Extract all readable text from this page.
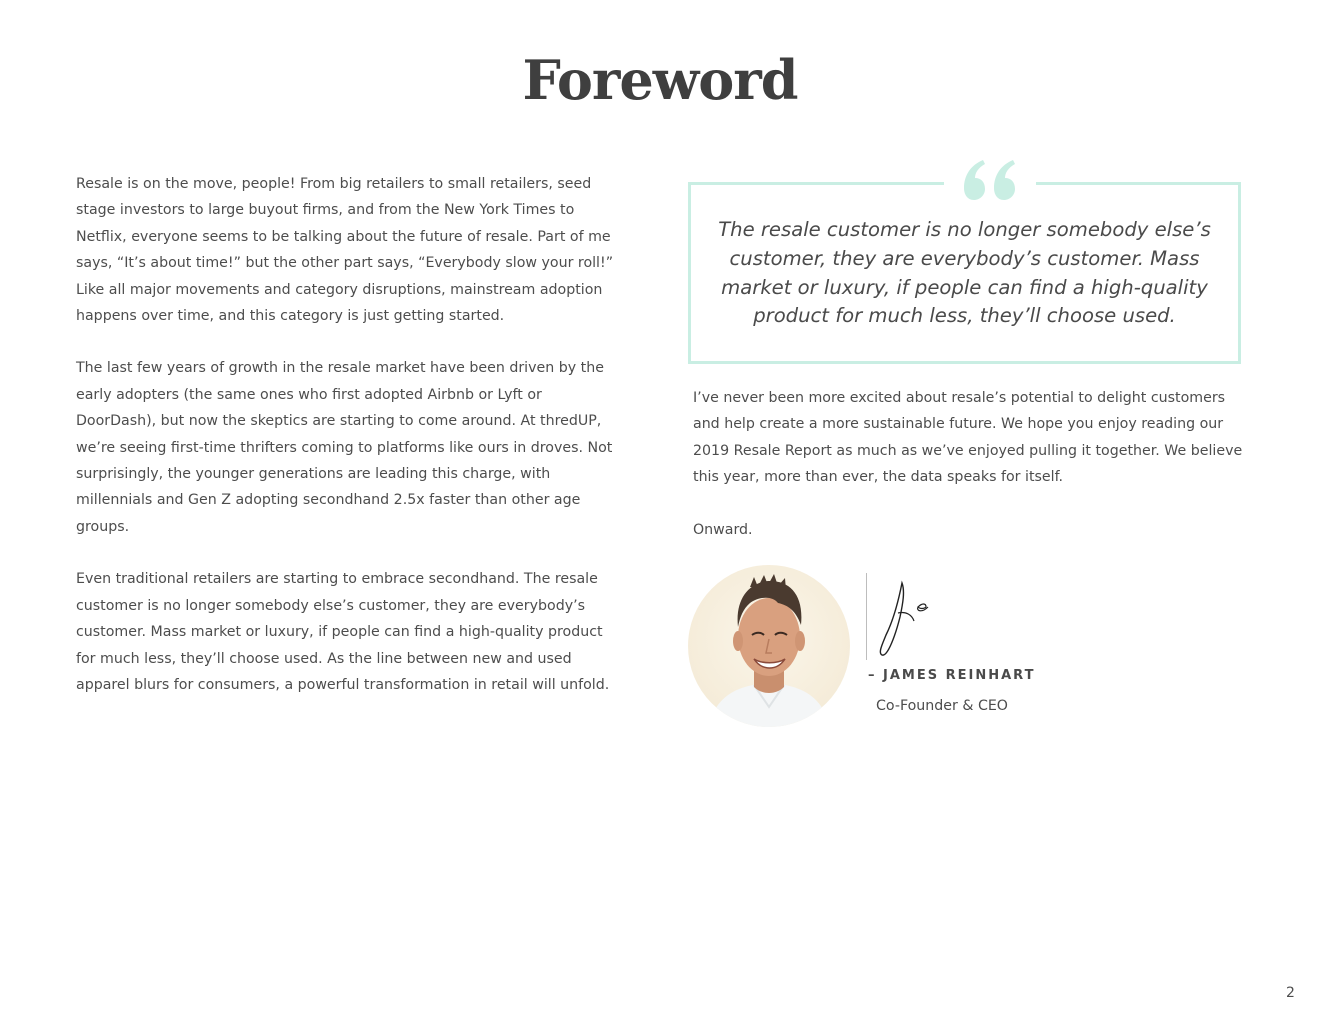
Foreword

Resale is on the move, people! From big retailers to small retailers, seed stage investors to large buyout firms, and from the New York Times to Netflix, everyone seems to be talking about the future of resale. Part of me says, “It’s about time!” but the other part says, “Everybody slow your roll!” Like all major movements and category disruptions, mainstream adoption happens over time, and this category is just getting started.

The last few years of growth in the resale market have been driven by the early adopters (the same ones who first adopted Airbnb or Lyft or DoorDash), but now the skeptics are starting to come around. At thredUP, we’re seeing first-time thrifters coming to platforms like ours in droves. Not surprisingly, the younger generations are leading this charge, with millennials and Gen Z adopting secondhand 2.5x faster than other age groups.

Even traditional retailers are starting to embrace secondhand. The resale customer is no longer somebody else’s customer, they are everybody’s customer. Mass market or luxury, if people can find a high-quality product for much less, they’ll choose used. As the line between new and used apparel blurs for consumers, a powerful transformation in retail will unfold.

The resale customer is no longer somebody else’s customer, they are everybody’s customer. Mass market or luxury, if people can find a high-quality product for much less, they’ll choose used.

I’ve never been more excited about resale’s potential to delight customers and help create a more sustainable future. We hope you enjoy reading our 2019 Resale Report as much as we’ve enjoyed pulling it together. We believe this year, more than ever, the data speaks for itself.

Onward.

– JAMES REINHART
Co-Founder & CEO
2
